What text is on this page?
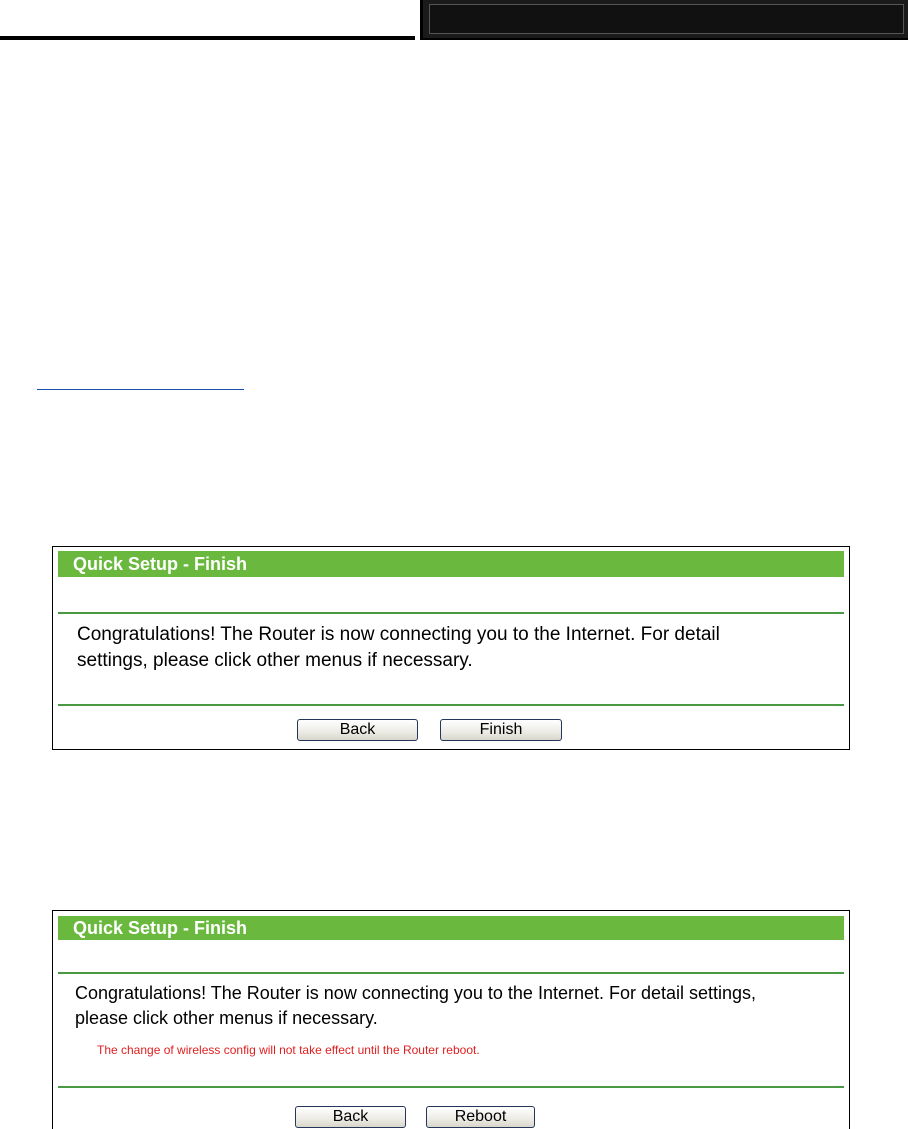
Quick Setup - Finish
Congratulations! The Router is now connecting you to the Internet. For detail
settings, please click other menus if necessary.
Back	Finish
Quick Setup - Finish
Congratulations! The Router is now connecting you to the Internet. For detail settings,
please click other menus if necessary.
The change of wireless config will not take effect until the Router reboot.
Back	Reboot
